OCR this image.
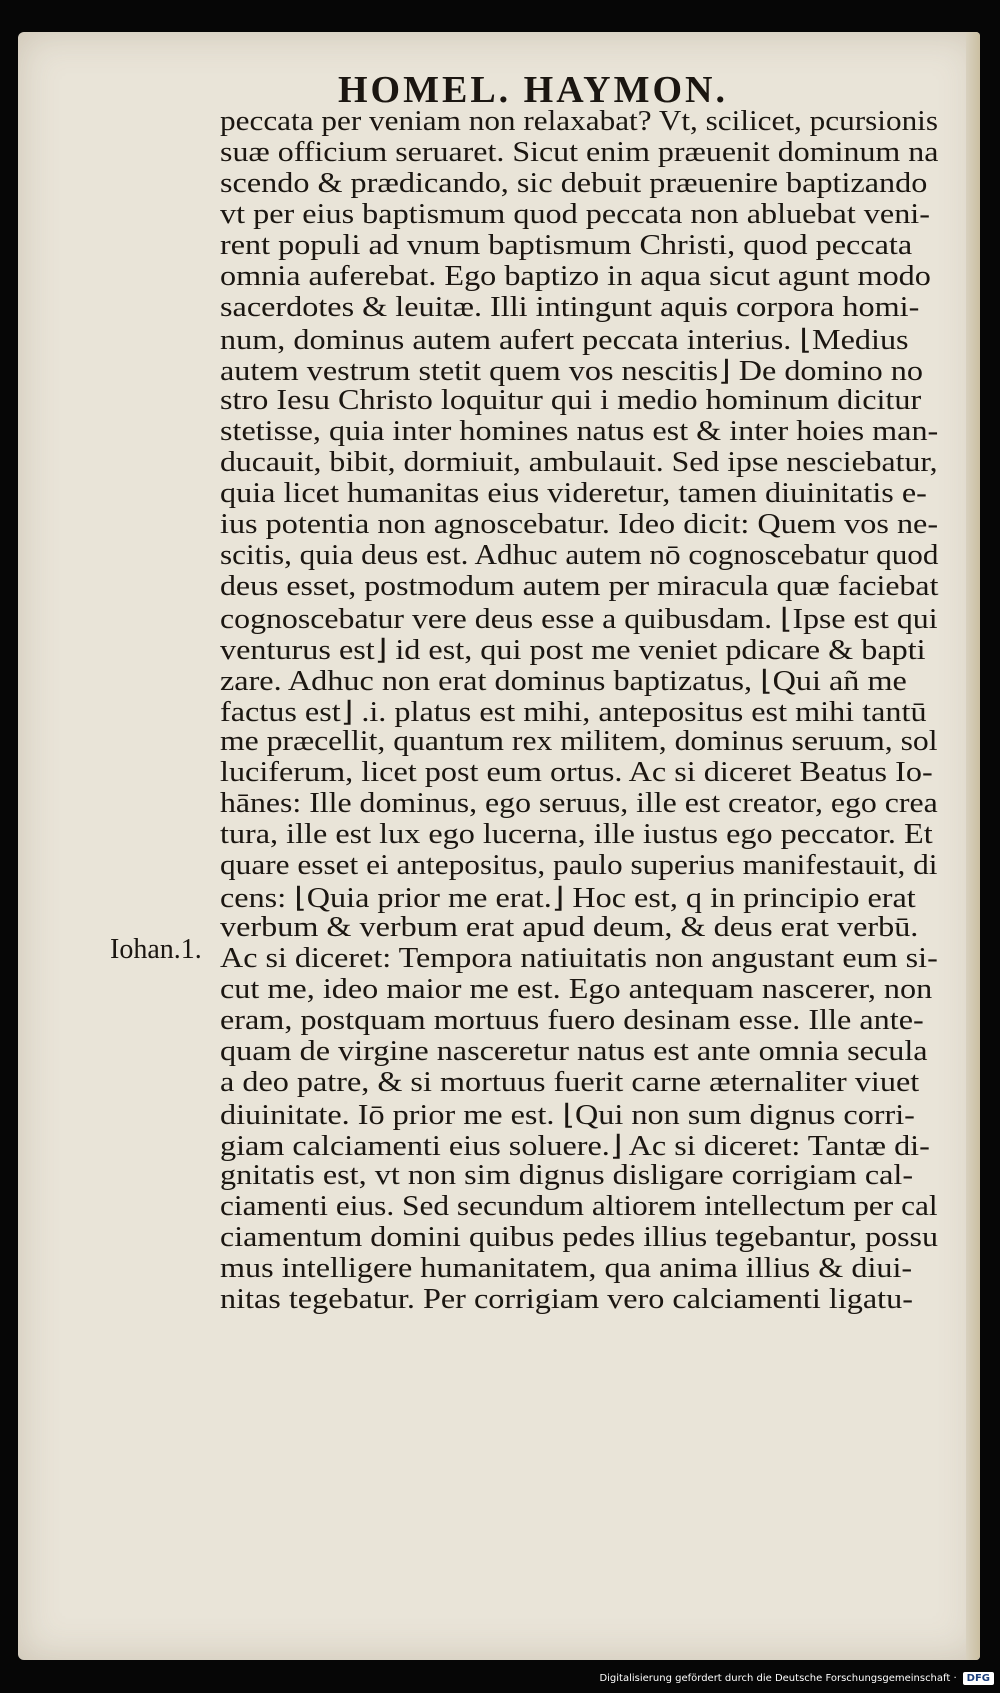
HOMEL. HAYMON.
Iohan.1.
peccata per veniam non relaxabat? Vt, scilicet, pcursionis
suæ officium seruaret. Sicut enim præuenit dominum na
scendo & prædicando, sic debuit præuenire baptizando
vt per eius baptismum quod peccata non abluebat veni-
rent populi ad vnum baptismum Christi, quod peccata
omnia auferebat. Ego baptizo in aqua sicut agunt modo
sacerdotes & leuitæ. Illi intingunt aquis corpora homi-
num, dominus autem aufert peccata interius. ⌊Medius
autem vestrum stetit quem vos nescitis⌋ De domino no
stro Iesu Christo loquitur qui i medio hominum dicitur
stetisse, quia inter homines natus est & inter hoies man-
ducauit, bibit, dormiuit, ambulauit. Sed ipse nesciebatur,
quia licet humanitas eius videretur, tamen diuinitatis e-
ius potentia non agnoscebatur. Ideo dicit: Quem vos ne-
scitis, quia deus est. Adhuc autem nō cognoscebatur quod
deus esset, postmodum autem per miracula quæ faciebat
cognoscebatur vere deus esse a quibusdam. ⌊Ipse est qui
venturus est⌋ id est, qui post me veniet pdicare & bapti
zare. Adhuc non erat dominus baptizatus, ⌊Qui añ me
factus est⌋ .i. platus est mihi, antepositus est mihi tantū
me præcellit, quantum rex militem, dominus seruum, sol
luciferum, licet post eum ortus. Ac si diceret Beatus Io-
hānes: Ille dominus, ego seruus, ille est creator, ego crea
tura, ille est lux ego lucerna, ille iustus ego peccator. Et
quare esset ei antepositus, paulo superius manifestauit, di
cens: ⌊Quia prior me erat.⌋ Hoc est, q in principio erat
verbum & verbum erat apud deum, & deus erat verbū.
Ac si diceret: Tempora natiuitatis non angustant eum si-
cut me, ideo maior me est. Ego antequam nascerer, non
eram, postquam mortuus fuero desinam esse. Ille ante-
quam de virgine nasceretur natus est ante omnia secula
a deo patre, & si mortuus fuerit carne æternaliter viuet
diuinitate. Iō prior me est. ⌊Qui non sum dignus corri-
giam calciamenti eius soluere.⌋ Ac si diceret: Tantæ di-
gnitatis est, vt non sim dignus disligare corrigiam cal-
ciamenti eius. Sed secundum altiorem intellectum per cal
ciamentum domini quibus pedes illius tegebantur, possu
mus intelligere humanitatem, qua anima illius & diui-
nitas tegebatur. Per corrigiam vero calciamenti ligatu-
Digitalisierung gefördert durch die Deutsche Forschungsgemeinschaft ·	DFG
